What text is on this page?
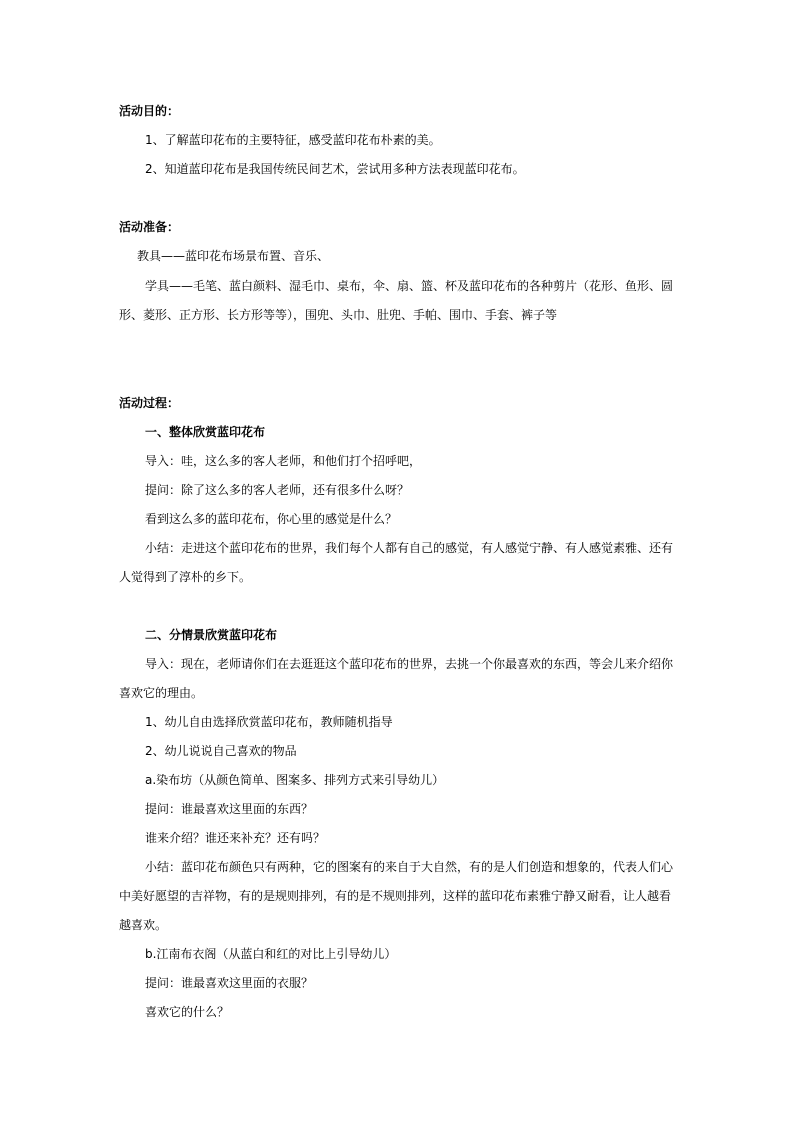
活动目的：
1、了解蓝印花布的主要特征，感受蓝印花布朴素的美。
2、知道蓝印花布是我国传统民间艺术，尝试用多种方法表现蓝印花布。
活动准备：
教具——蓝印花布场景布置、音乐、
学具——毛笔、蓝白颜料、湿毛巾、桌布，伞、扇、篮、杯及蓝印花布的各种剪片（花形、鱼形、圆
形、菱形、正方形、长方形等等），围兜、头巾、肚兜、手帕、围巾、手套、裤子等
活动过程：
一、整体欣赏蓝印花布
导入：哇，这么多的客人老师，和他们打个招呼吧，
提问：除了这么多的客人老师，还有很多什么呀？
看到这么多的蓝印花布，你心里的感觉是什么？
小结：走进这个蓝印花布的世界，我们每个人都有自己的感觉，有人感觉宁静、有人感觉素雅、还有
人觉得到了淳朴的乡下。
二、分情景欣赏蓝印花布
导入：现在，老师请你们在去逛逛这个蓝印花布的世界，去挑一个你最喜欢的东西，等会儿来介绍你
喜欢它的理由。
1、幼儿自由选择欣赏蓝印花布，教师随机指导
2、幼儿说说自己喜欢的物品
a.染布坊（从颜色简单、图案多、排列方式来引导幼儿）
提问：谁最喜欢这里面的东西？
谁来介绍？谁还来补充？还有吗？
小结：蓝印花布颜色只有两种，它的图案有的来自于大自然，有的是人们创造和想象的，代表人们心
中美好愿望的吉祥物，有的是规则排列，有的是不规则排列，这样的蓝印花布素雅宁静又耐看，让人越看
越喜欢。
b.江南布衣阁（从蓝白和红的对比上引导幼儿）
提问：谁最喜欢这里面的衣服？
喜欢它的什么？
